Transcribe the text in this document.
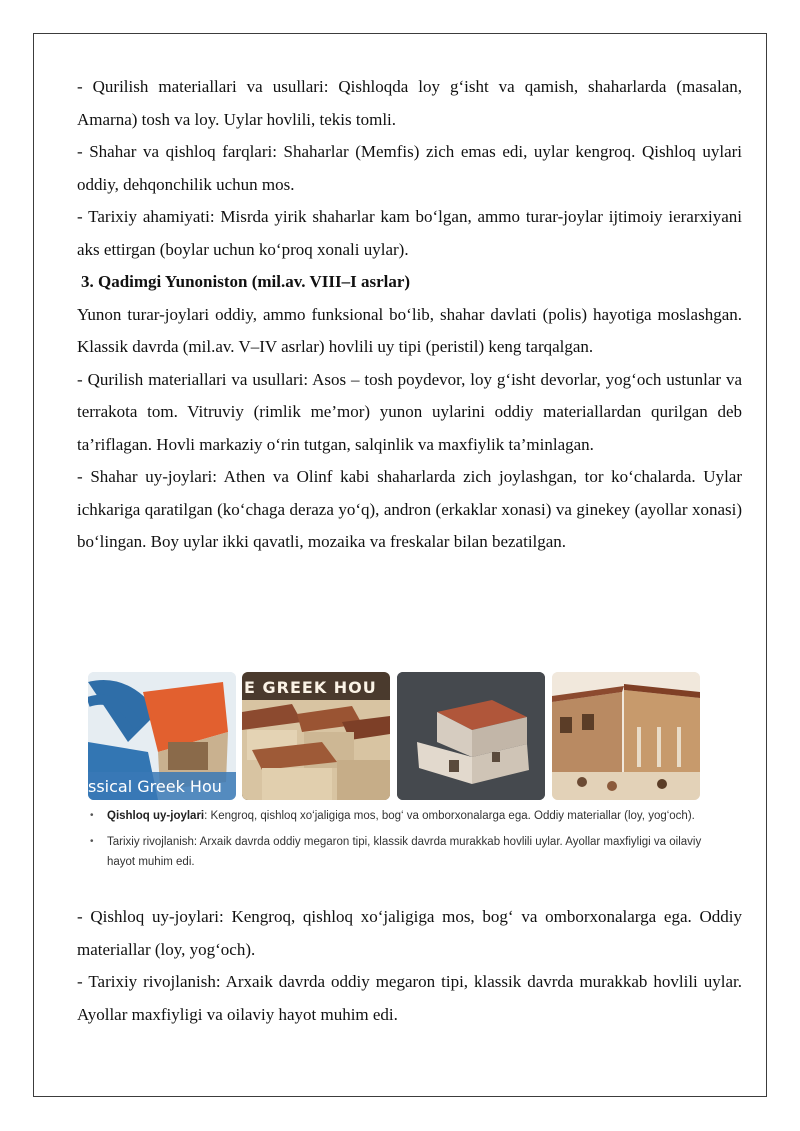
- Qurilish materiallari va usullari: Qishloqda loy g‘isht va qamish, shaharlarda (masalan, Amarna) tosh va loy. Uylar hovlili, tekis tomli.

- Shahar va qishloq farqlari: Shaharlar (Memfis) zich emas edi, uylar kengroq. Qishloq uylari oddiy, dehqonchilik uchun mos.

- Tarixiy ahamiyati: Misrda yirik shaharlar kam bo‘lgan, ammo turar-joylar ijtimoiy ierarxiyani aks ettirgan (boylar uchun ko‘proq xonali uylar).

3. Qadimgi Yunoniston (mil.av. VIII–I asrlar)

Yunon turar-joylari oddiy, ammo funksional bo‘lib, shahar davlati (polis) hayotiga moslashgan. Klassik davrda (mil.av. V–IV asrlar) hovlili uy tipi (peristil) keng tarqalgan.

- Qurilish materiallari va usullari: Asos – tosh poydevor, loy g‘isht devorlar, yog‘och ustunlar va terrakota tom. Vitruviy (rimlik me’mor) yunon uylarini oddiy materiallardan qurilgan deb ta’riflagan. Hovli markaziy o‘rin tutgan, salqinlik va maxfiylik ta’minlagan.

- Shahar uy-joylari: Athen va Olinf kabi shaharlarda zich joylashgan, tor ko‘chalarda. Uylar ichkariga qaratilgan (ko‘chaga deraza yo‘q), andron (erkaklar xonasi) va ginekey (ayollar xonasi) bo‘lingan. Boy uylar ikki qavatli, mozaika va freskalar bilan bezatilgan.

ssical Greek Hou
E GREEK HOU
•	Qishloq uy-joylari: Kengroq, qishloq xo‘jaligiga mos, bog‘ va omborxonalarga ega. Oddiy materiallar (loy, yog‘och).
•	Tarixiy rivojlanish: Arxaik davrda oddiy megaron tipi, klassik davrda murakkab hovlili uylar. Ayollar maxfiyligi va oilaviy hayot muhim edi.

- Qishloq uy-joylari: Kengroq, qishloq xo‘jaligiga mos, bog‘ va omborxonalarga ega. Oddiy materiallar (loy, yog‘och).

- Tarixiy rivojlanish: Arxaik davrda oddiy megaron tipi, klassik davrda murakkab hovlili uylar. Ayollar maxfiyligi va oilaviy hayot muhim edi.
